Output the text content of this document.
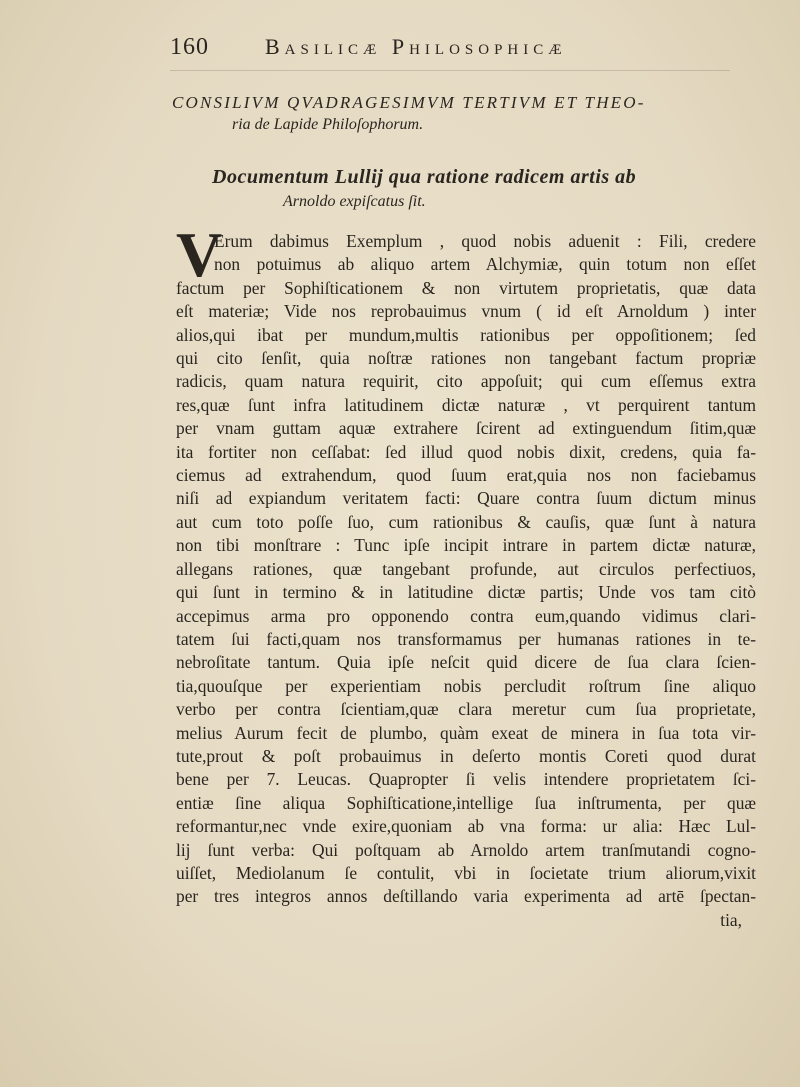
160	Basilicæ Philosophicæ
CONSILIVM QVADRAGESIMVM TERTIVM ET THEO-
ria de Lapide Philoſophorum.
Documentum Lullij qua ratione radicem artis ab
Arnoldo expiſcatus ſit.
V
Erum dabimus Exemplum , quod nobis aduenit : Fili, credere
non potuimus ab aliquo artem Alchymiæ, quin totum non eſſet
factum per Sophiſticationem & non virtutem proprietatis, quæ data
eſt materiæ; Vide nos reprobauimus vnum ( id eſt Arnoldum ) inter
alios,qui ibat per mundum,multis rationibus per oppoſitionem; ſed
qui cito ſenſit, quia noſtræ rationes non tangebant factum propriæ
radicis, quam natura requirit, cito appoſuit; qui cum eſſemus extra
res,quæ ſunt infra latitudinem dictæ naturæ , vt perquirent tantum
per vnam guttam aquæ extrahere ſcirent ad extinguendum ſitim,quæ
ita fortiter non ceſſabat: ſed illud quod nobis dixit, credens, quia fa-
ciemus ad extrahendum, quod ſuum erat,quia nos non faciebamus
niſi ad expiandum veritatem facti: Quare contra ſuum dictum minus
aut cum toto poſſe ſuo, cum rationibus & cauſis, quæ ſunt à natura
non tibi monſtrare : Tunc ipſe incipit intrare in partem dictæ naturæ,
allegans rationes, quæ tangebant profunde, aut circulos perfectiuos,
qui ſunt in termino & in latitudine dictæ partis; Unde vos tam citò
accepimus arma pro opponendo contra eum,quando vidimus clari-
tatem ſui facti,quam nos transformamus per humanas rationes in te-
nebroſitate tantum. Quia ipſe neſcit quid dicere de ſua clara ſcien-
tia,quouſque per experientiam nobis percludit roſtrum ſine aliquo
verbo per contra ſcientiam,quæ clara meretur cum ſua proprietate,
melius Aurum fecit de plumbo, quàm exeat de minera in ſua tota vir-
tute,prout & poſt probauimus in deſerto montis Coreti quod durat
bene per 7. Leucas. Quapropter ſi velis intendere proprietatem ſci-
entiæ ſine aliqua Sophiſticatione,intellige ſua inſtrumenta, per quæ
reformantur,nec vnde exire,quoniam ab vna forma: ur alia: Hæc Lul-
lij ſunt verba: Qui poſtquam ab Arnoldo artem tranſmutandi cogno-
uiſſet, Mediolanum ſe contulit, vbi in ſocietate trium aliorum,vixit
per tres integros annos deſtillando varia experimenta ad artē ſpectan-
tia,
